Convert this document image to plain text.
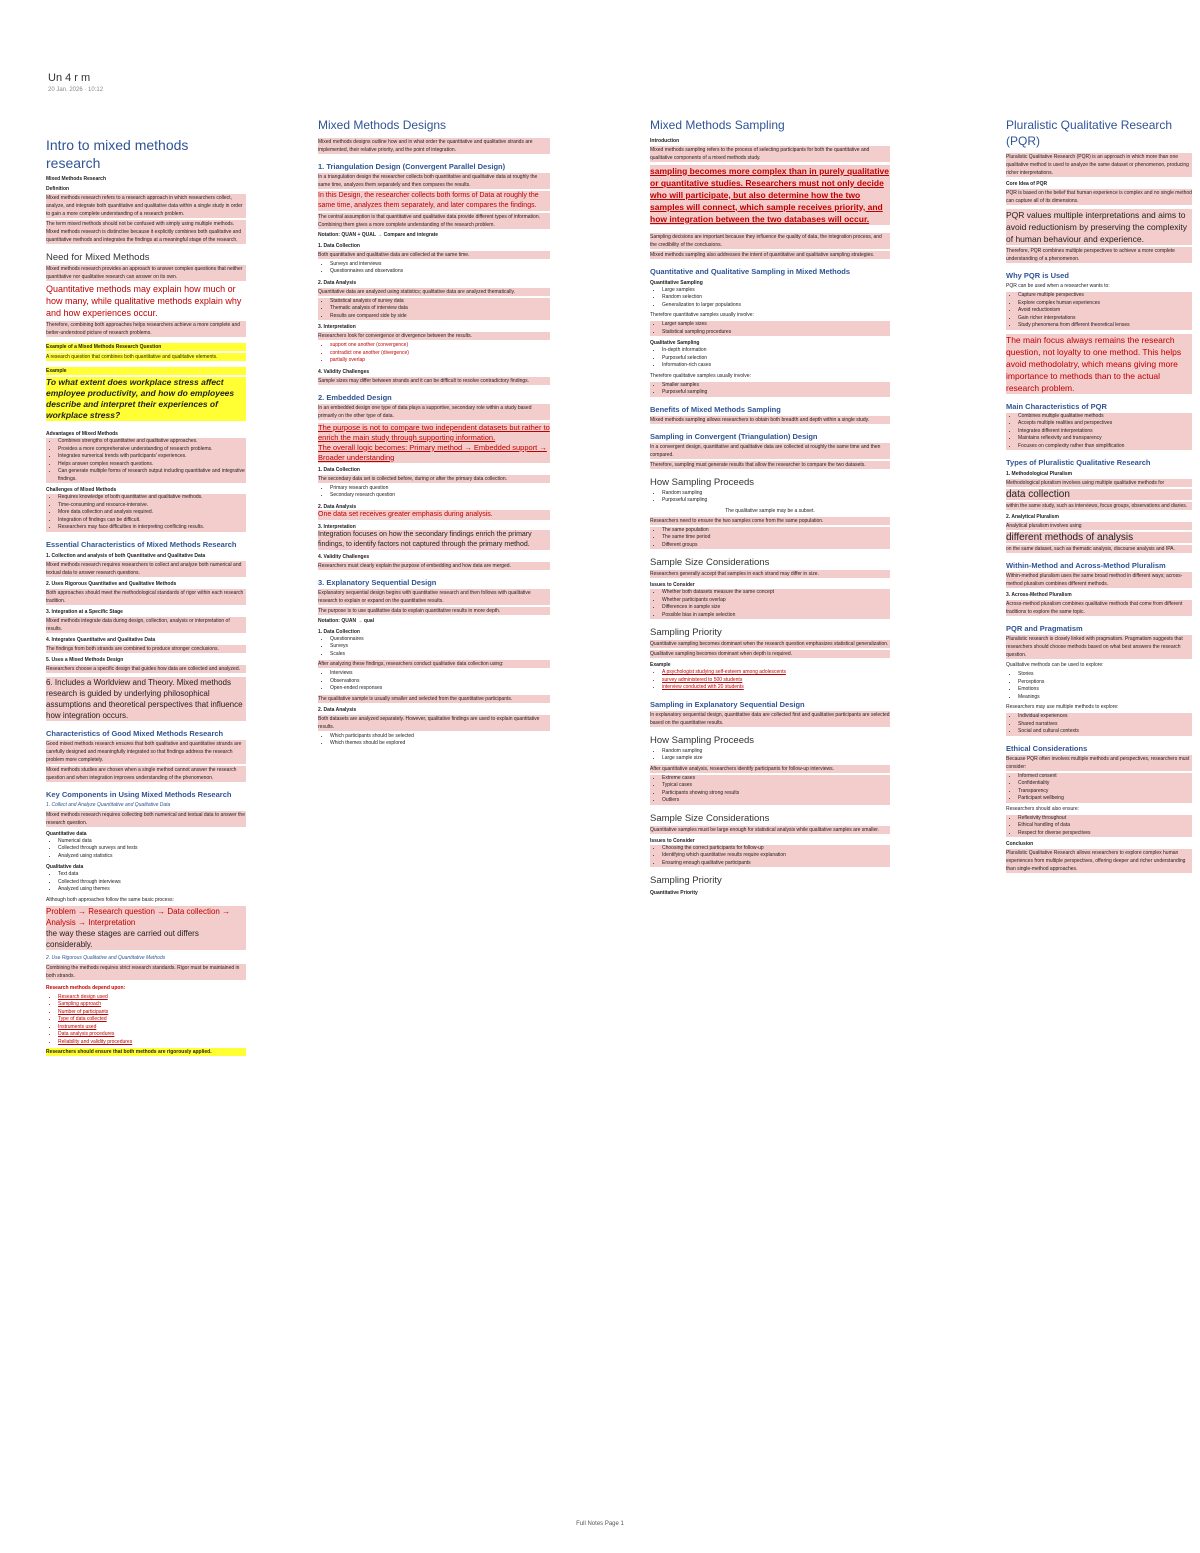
Un 4 r m
20 Jan. 2026 · 10:12
Intro to mixed methods research
Mixed Methods Research
Definition
Mixed methods research refers to a research approach in which researchers collect, analyze, and integrate both quantitative and qualitative data within a single study in order to gain a more complete understanding of a research problem.
The term mixed methods should not be confused with simply using multiple methods. Mixed methods research is distinctive because it explicitly combines both qualitative and quantitative methods and integrates the findings at a meaningful stage of the research.
Need for Mixed Methods
Mixed methods research provides an approach to answer complex questions that neither quantitative nor qualitative research can answer on its own.
Quantitative methods may explain how much or how many, while qualitative methods explain why and how experiences occur.
Therefore, combining both approaches helps researchers achieve a more complete and better-understood picture of research problems.
Example of a Mixed Methods Research Question
A research question that combines both quantitative and qualitative elements.
Example
To what extent does workplace stress affect employee productivity, and how do employees describe and interpret their experiences of workplace stress?
Advantages of Mixed Methods
• Combines strengths of quantitative and qualitative approaches.
• Provides a more comprehensive understanding of research problems.
• Integrates numerical trends with participants' experiences.
• Helps answer complex research questions.
• Can generate multiple forms of research output including quantitative and integrative findings.
Challenges of Mixed Methods
• Requires knowledge of both quantitative and qualitative methods.
• Time-consuming and resource-intensive.
• More data collection and analysis required.
• Integration of findings can be difficult.
• Researchers may face difficulties in interpreting conflicting results.
Essential Characteristics of Mixed Methods Research
1. Collection and analysis of both Quantitative and Qualitative Data
Mixed methods research requires researchers to collect and analyze both numerical and textual data to answer research questions.
2. Uses Rigorous Quantitative and Qualitative Methods
Both approaches should meet the methodological standards of rigor within each research tradition.
3. Integration at a Specific Stage
Mixed methods integrate data during design, collection, analysis or interpretation of results.
4. Integrates Quantitative and Qualitative Data
The findings from both strands are combined to produce stronger conclusions.
5. Uses a Mixed Methods Design
Researchers choose a specific design that guides how data are collected and analyzed.
6. Includes a Worldview and Theory. Mixed methods research is guided by underlying philosophical assumptions and theoretical perspectives that influence how integration occurs.
Characteristics of Good Mixed Methods Research
Good mixed methods research ensures that both qualitative and quantitative strands are carefully designed and meaningfully integrated so that findings address the research problem more completely.
Mixed methods studies are chosen when a single method cannot answer the research question and when integration improves understanding of the phenomenon.
Key Components in Using Mixed Methods Research
1. Collect and Analyze Quantitative and Qualitative Data
Mixed methods research requires collecting both numerical and textual data to answer the research question.
Quantitative data
• Numerical data
• Collected through surveys and tests
• Analyzed using statistics
Qualitative data
• Text data
• Collected through interviews
• Analyzed using themes
Although both approaches follow the same basic process:
Problem → Research question → Data collection → Analysis → Interpretation
the way these stages are carried out differs considerably.
2. Use Rigorous Qualitative and Quantitative Methods
Combining the methods requires strict research standards. Rigor must be maintained in both strands.
Research methods depend upon:
• Research design used
• Sampling approach
• Number of participants
• Type of data collected
• Instruments used
• Data analysis procedures
• Reliability and validity procedures
Researchers should ensure that both methods are rigorously applied.
Mixed Methods Designs
Mixed methods designs outline how and in what order the quantitative and qualitative strands are implemented, their relative priority, and the point of integration.
1. Triangulation Design (Convergent Parallel Design)
In a triangulation design the researcher collects both quantitative and qualitative data at roughly the same time, analyzes them separately and then compares the results.
In this Design, the researcher collects both forms of Data at roughly the same time, analyzes them separately, and later compares the findings.
The central assumption is that quantitative and qualitative data provide different types of information. Combining them gives a more complete understanding of the research problem.
Notation: QUAN + QUAL → Compare and integrate
1. Data Collection
Both quantitative and qualitative data are collected at the same time.
• Surveys and interviews
• Questionnaires and observations
2. Data Analysis
Quantitative data are analyzed using statistics; qualitative data are analyzed thematically.
• Statistical analysis of survey data
• Thematic analysis of interview data
• Results are compared side by side
3. Interpretation
Researchers look for convergence or divergence between the results.
• support one another (convergence)
• contradict one another (divergence)
• partially overlap
4. Validity Challenges
Sample sizes may differ between strands and it can be difficult to resolve contradictory findings.
2. Embedded Design
In an embedded design one type of data plays a supportive, secondary role within a study based primarily on the other type of data.
The purpose is not to compare two independent datasets but rather to enrich the main study through supporting information.
The overall logic becomes: Primary method → Embedded support → Broader understanding
1. Data Collection
The secondary data set is collected before, during or after the primary data collection.
• Primary research question
• Secondary research question
2. Data Analysis
One data set receives greater emphasis during analysis.
3. Interpretation
Integration focuses on how the secondary findings enrich the primary findings, to identify factors not captured through the primary method.
4. Validity Challenges
Researchers must clearly explain the purpose of embedding and how data are merged.
3. Explanatory Sequential Design
Explanatory sequential design begins with quantitative research and then follows with qualitative research to explain or expand on the quantitative results.
The purpose is to use qualitative data to explain quantitative results in more depth.
Notation: QUAN → qual
1. Data Collection
• Questionnaires
• Surveys
• Scales
After analyzing these findings, researchers conduct qualitative data collection using:
• Interviews
• Observations
• Open-ended responses
The qualitative sample is usually smaller and selected from the quantitative participants.
2. Data Analysis
Both datasets are analyzed separately. However, qualitative findings are used to explain quantitative results.
• Which participants should be selected
• Which themes should be explored
Mixed Methods Sampling
Introduction
Mixed methods sampling refers to the process of selecting participants for both the quantitative and qualitative components of a mixed methods study.
sampling becomes more complex than in purely qualitative or quantitative studies. Researchers must not only decide who will participate, but also determine how the two samples will connect, which sample receives priority, and how integration between the two databases will occur.
Sampling decisions are important because they influence the quality of data, the integration process, and the credibility of the conclusions.
Mixed methods sampling also addresses the intent of quantitative and qualitative sampling strategies.
Quantitative and Qualitative Sampling in Mixed Methods
Quantitative Sampling
• Large samples
• Random selection
• Generalization to larger populations
Therefore quantitative samples usually involve:
• Larger sample sizes
• Statistical sampling procedures
Qualitative Sampling
• In-depth information
• Purposeful selection
• Information-rich cases
Therefore qualitative samples usually involve:
• Smaller samples
• Purposeful sampling
Benefits of Mixed Methods Sampling
Mixed methods sampling allows researchers to obtain both breadth and depth within a single study.
Sampling in Convergent (Triangulation) Design
In a convergent design, quantitative and qualitative data are collected at roughly the same time and then compared.
Therefore, sampling must generate results that allow the researcher to compare the two datasets.
How Sampling Proceeds
• Random sampling
• Purposeful sampling
The qualitative sample may be a subset.
Researchers need to ensure the two samples come from the same population.
• The same population
• The same time period
• Different groups
Sample Size Considerations
Researchers generally accept that samples in each strand may differ in size.
Issues to Consider
• Whether both datasets measure the same concept
• Whether participants overlap
• Differences in sample size
• Possible bias in sample selection
Sampling Priority
Quantitative sampling becomes dominant when the research question emphasizes statistical generalization.
Qualitative sampling becomes dominant when depth is required.
Example
• A psychologist studying self-esteem among adolescents
• survey administered to 500 students
• interview conducted with 20 students
Sampling in Explanatory Sequential Design
In explanatory sequential design, quantitative data are collected first and qualitative participants are selected based on the quantitative results.
How Sampling Proceeds
• Random sampling
• Large sample size
After quantitative analysis, researchers identify participants for follow-up interviews.
• Extreme cases
• Typical cases
• Participants showing strong results
• Outliers
Sample Size Considerations
Quantitative samples must be large enough for statistical analysis while qualitative samples are smaller.
Issues to Consider
• Choosing the correct participants for follow-up
• Identifying which quantitative results require explanation
• Ensuring enough qualitative participants
Sampling Priority
Quantitative Priority
Pluralistic Qualitative Research (PQR)
Pluralistic Qualitative Research (PQR) is an approach in which more than one qualitative method is used to analyze the same dataset or phenomenon, producing richer interpretations.
Core Idea of PQR
PQR is based on the belief that human experience is complex and no single method can capture all of its dimensions.
PQR values multiple interpretations and aims to avoid reductionism by preserving the complexity of human behaviour and experience.
Therefore, PQR combines multiple perspectives to achieve a more complete understanding of a phenomenon.
Why PQR is Used
PQR can be used when a researcher wants to:
• Capture multiple perspectives
• Explore complex human experiences
• Avoid reductionism
• Gain richer interpretations
• Study phenomena from different theoretical lenses
The main focus always remains the research question, not loyalty to one method. This helps avoid methodolatry, which means giving more importance to methods than to the actual research problem.
Main Characteristics of PQR
• Combines multiple qualitative methods
• Accepts multiple realities and perspectives
• Integrates different interpretations
• Maintains reflexivity and transparency
• Focuses on complexity rather than simplification
Types of Pluralistic Qualitative Research
1. Methodological Pluralism
Methodological pluralism involves using multiple qualitative methods for
data collection
within the same study, such as interviews, focus groups, observations and diaries.
2. Analytical Pluralism
Analytical pluralism involves using
different methods of analysis
on the same dataset, such as thematic analysis, discourse analysis and IPA.
Within-Method and Across-Method Pluralism
Within-method pluralism uses the same broad method in different ways; across-method pluralism combines different methods.
3. Across-Method Pluralism
Across-method pluralism combines qualitative methods that come from different traditions to explore the same topic.
PQR and Pragmatism
Pluralistic research is closely linked with pragmatism. Pragmatism suggests that researchers should choose methods based on what best answers the research question.
Qualitative methods can be used to explore:
• Stories
• Perceptions
• Emotions
• Meanings
Researchers may use multiple methods to explore:
• Individual experiences
• Shared narratives
• Social and cultural contexts
Ethical Considerations
Because PQR often involves multiple methods and perspectives, researchers must consider:
• Informed consent
• Confidentiality
• Transparency
• Participant wellbeing
Researchers should also ensure:
• Reflexivity throughout
• Ethical handling of data
• Respect for diverse perspectives
Conclusion
Pluralistic Qualitative Research allows researchers to explore complex human experiences from multiple perspectives, offering deeper and richer understanding than single-method approaches.
Full Notes Page 1
